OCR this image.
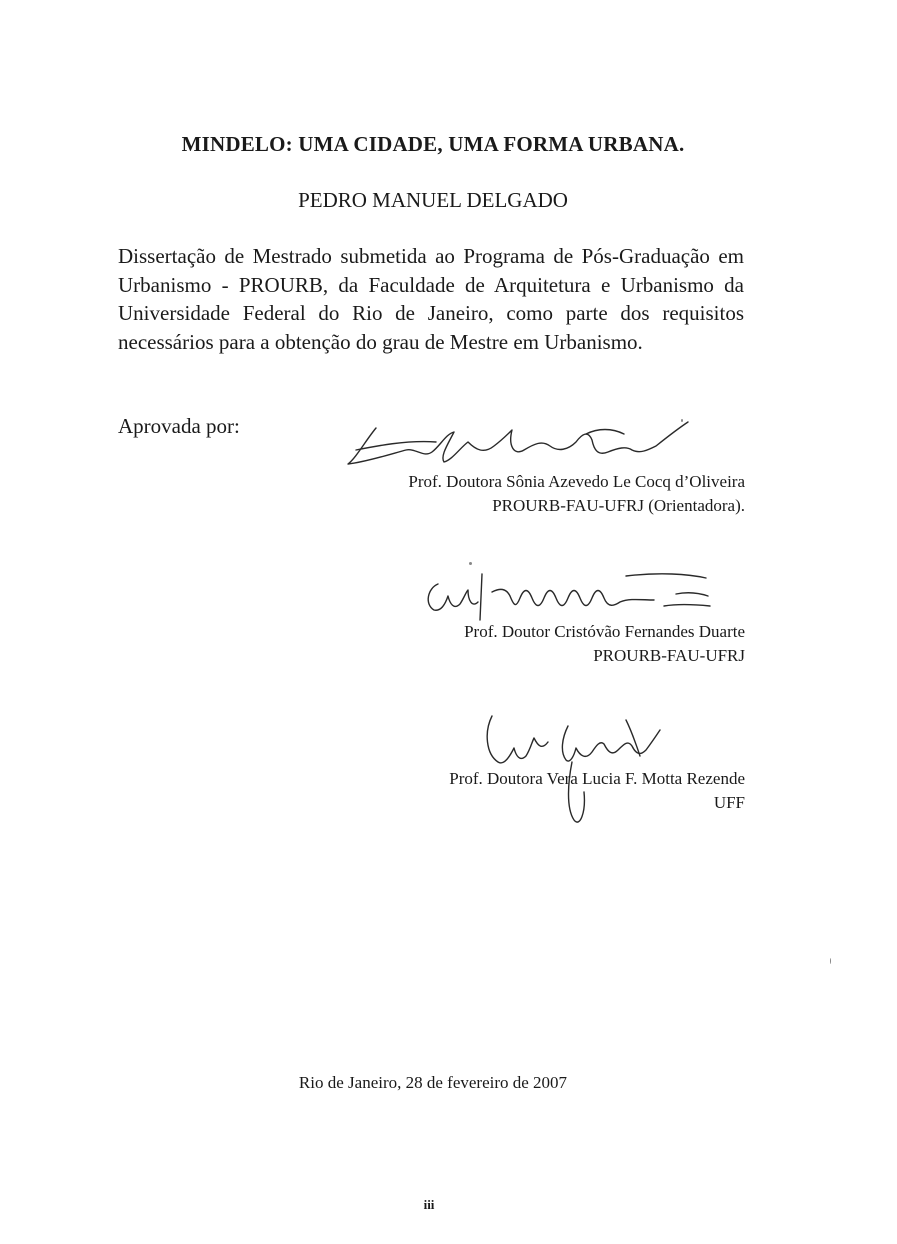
MINDELO: UMA CIDADE, UMA FORMA URBANA.
PEDRO MANUEL DELGADO
Dissertação de Mestrado submetida ao Programa de Pós-Graduação em Urbanismo - PROURB, da Faculdade de Arquitetura e Urbanismo da Universidade Federal do Rio de Janeiro, como parte dos requisitos necessários para a obtenção do grau de Mestre em Urbanismo.
Aprovada por:
Prof. Doutora Sônia Azevedo Le Cocq d’Oliveira
PROURB-FAU-UFRJ (Orientadora).
Prof. Doutor Cristóvão Fernandes Duarte
PROURB-FAU-UFRJ
Prof. Doutora Vera Lucia F. Motta Rezende
UFF
Rio de Janeiro, 28 de fevereiro de 2007
iii
